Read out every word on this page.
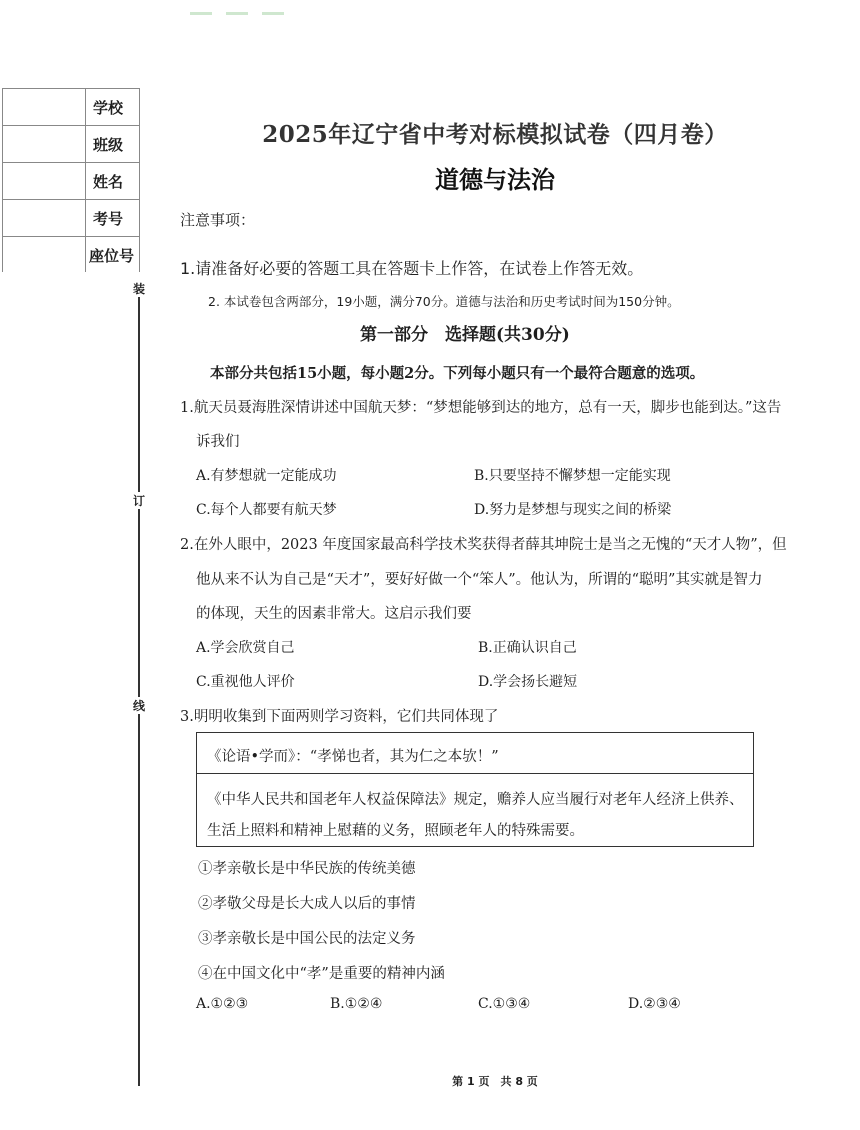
学校
班级
姓名
考号
座位号
装
订
线
2025年辽宁省中考对标模拟试卷（四月卷）
道德与法治
注意事项：
1.请准备好必要的答题工具在答题卡上作答，在试卷上作答无效。
2. 本试卷包含两部分，19小题，满分70分。道德与法治和历史考试时间为150分钟。
第一部分　选择题(共30分)
本部分共包括15小题，每小题2分。下列每小题只有一个最符合题意的选项。
1.航天员聂海胜深情讲述中国航天梦：“梦想能够到达的地方，总有一天，脚步也能到达。”这告
诉我们
A.有梦想就一定能成功	B.只要坚持不懈梦想一定能实现
C.每个人都要有航天梦	D.努力是梦想与现实之间的桥梁
2.在外人眼中，2023 年度国家最高科学技术奖获得者薛其坤院士是当之无愧的“天才人物”，但
他从来不认为自己是“天才”，要好好做一个“笨人”。他认为，所谓的“聪明”其实就是智力
的体现，天生的因素非常大。这启示我们要
A.学会欣赏自己	B.正确认识自己
C.重视他人评价	D.学会扬长避短
3.明明收集到下面两则学习资料，它们共同体现了
《论语•学而》：“孝悌也者，其为仁之本欤！”
《中华人民共和国老年人权益保障法》规定，赡养人应当履行对老年人经济上供养、
生活上照料和精神上慰藉的义务，照顾老年人的特殊需要。
①孝亲敬长是中华民族的传统美德
②孝敬父母是长大成人以后的事情
③孝亲敬长是中国公民的法定义务
④在中国文化中“孝”是重要的精神内涵
A.①②③	B.①②④	C.①③④	D.②③④
第 1 页　共 8 页
